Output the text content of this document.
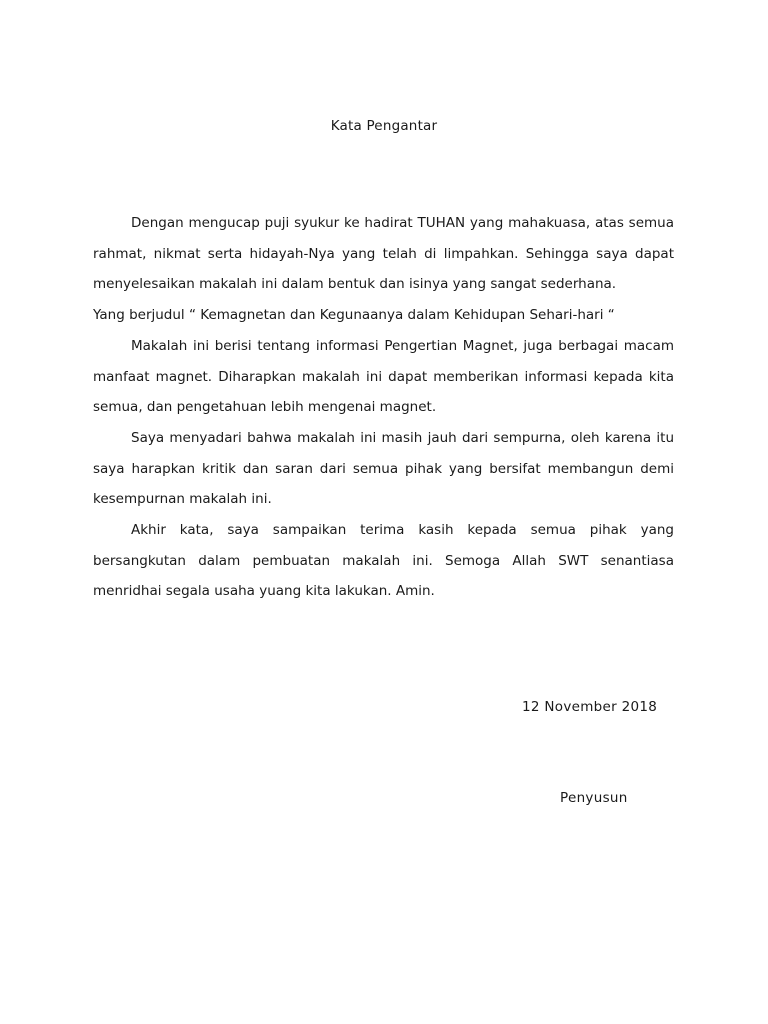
Kata Pengantar

Dengan mengucap puji syukur ke hadirat TUHAN yang mahakuasa, atas semua rahmat, nikmat serta hidayah-Nya yang telah di limpahkan. Sehingga saya dapat menyelesaikan makalah ini dalam bentuk dan isinya yang sangat sederhana.

Yang berjudul “ Kemagnetan dan Kegunaanya dalam Kehidupan Sehari-hari “

Makalah ini berisi tentang informasi Pengertian Magnet, juga berbagai macam manfaat magnet. Diharapkan makalah ini dapat memberikan informasi kepada kita semua, dan pengetahuan lebih mengenai magnet.

Saya menyadari bahwa makalah ini masih jauh dari sempurna, oleh karena itu saya harapkan kritik dan saran dari semua pihak yang bersifat membangun demi kesempurnan makalah ini.

Akhir kata, saya sampaikan terima kasih kepada semua pihak yang bersangkutan dalam pembuatan makalah ini. Semoga Allah SWT senantiasa menridhai segala usaha yuang kita lakukan. Amin.

12 November 2018
Penyusun
